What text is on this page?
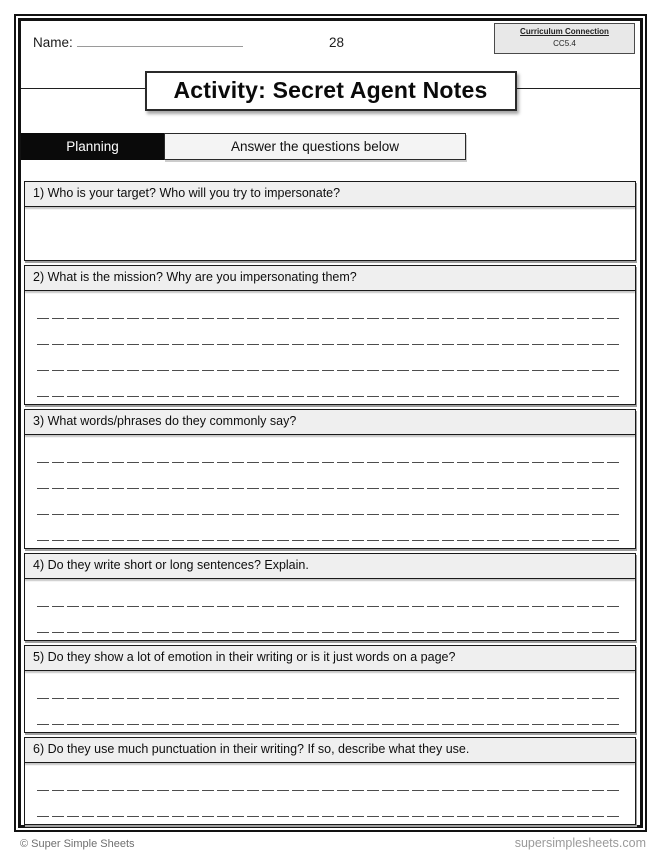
Curriculum Connection
CC5.4
Name:	28
Activity: Secret Agent Notes
Planning	Answer the questions below
1) Who is your target? Who will you try to impersonate?
2) What is the mission? Why are you impersonating them?
3) What words/phrases do they commonly say?
4) Do they write short or long sentences? Explain.
5) Do they show a lot of emotion in their writing or is it just words on a page?
6) Do they use much punctuation in their writing? If so, describe what they use.
© Super Simple Sheets	supersimplesheets.com
